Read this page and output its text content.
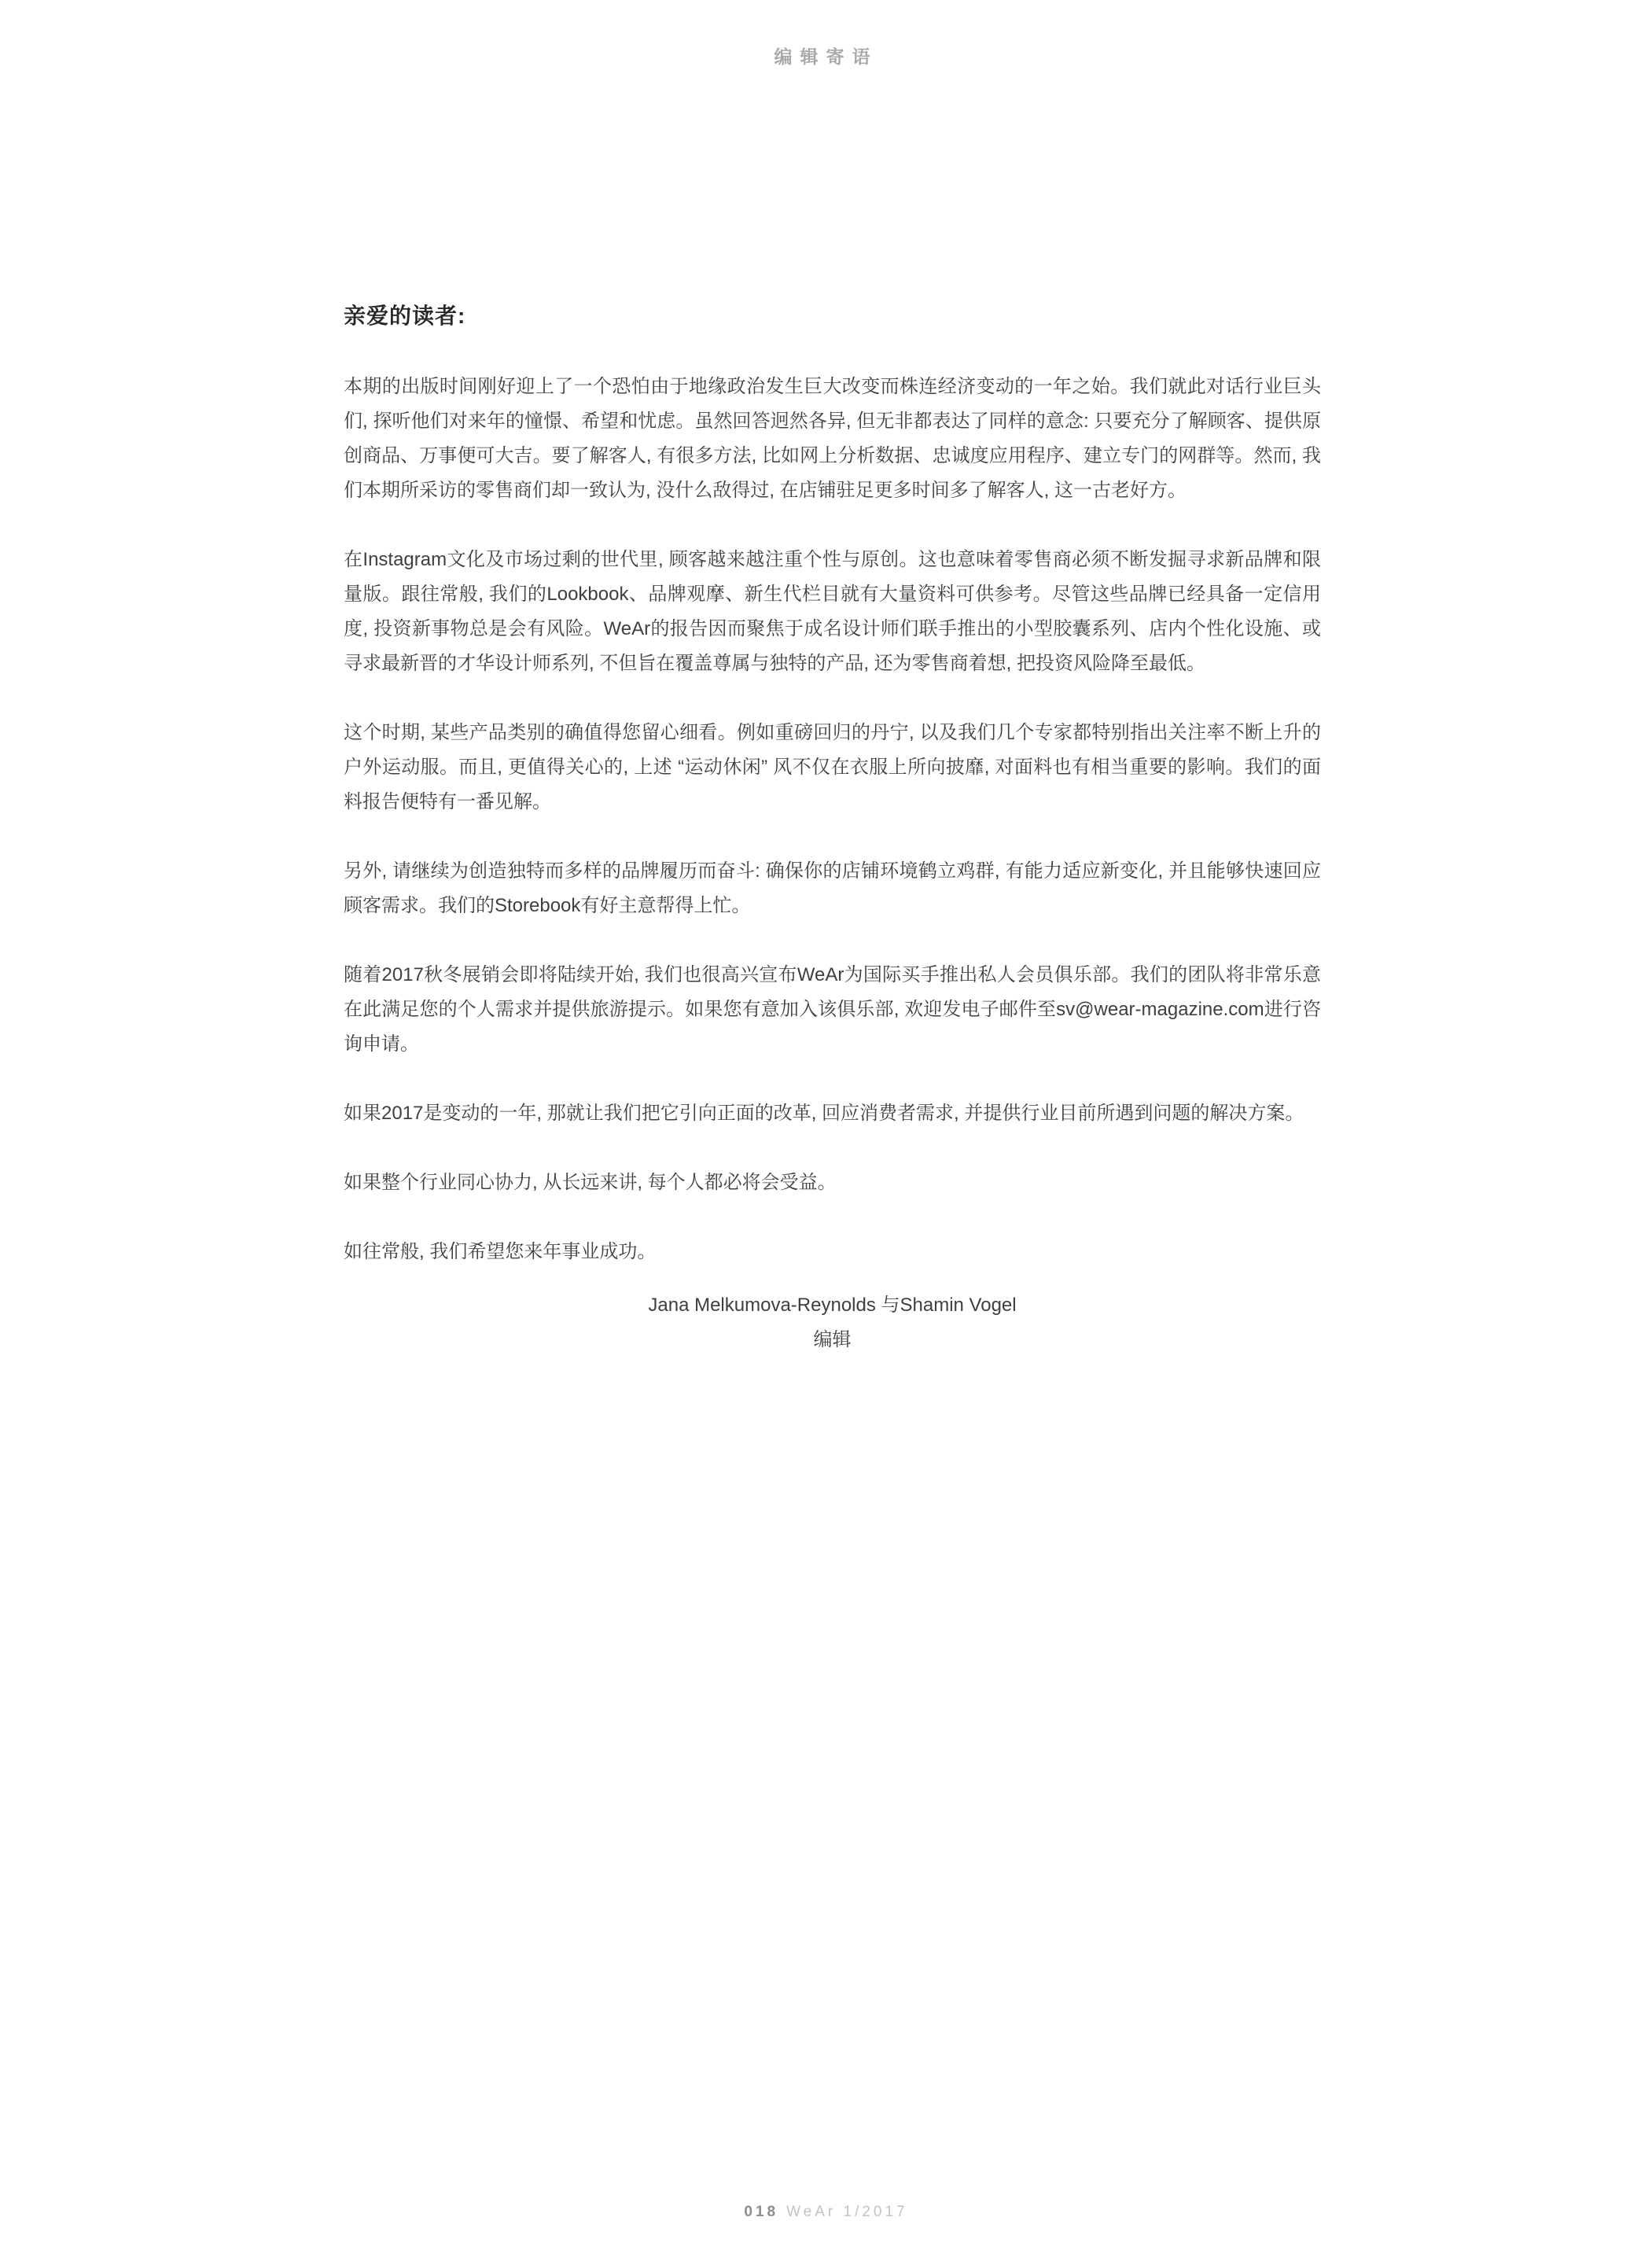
编辑寄语
亲爱的读者:

本期的出版时间刚好迎上了一个恐怕由于地缘政治发生巨大改变而株连经济变动的一年之始。我们就此对话行业巨头们, 探听他们对来年的憧憬、希望和忧虑。虽然回答迥然各异, 但无非都表达了同样的意念: 只要充分了解顾客、提供原创商品、万事便可大吉。要了解客人, 有很多方法, 比如网上分析数据、忠诚度应用程序、建立专门的网群等。然而, 我们本期所采访的零售商们却一致认为, 没什么敌得过, 在店铺驻足更多时间多了解客人, 这一古老好方。

在Instagram文化及市场过剩的世代里, 顾客越来越注重个性与原创。这也意味着零售商必须不断发掘寻求新品牌和限量版。跟往常般, 我们的Lookbook、品牌观摩、新生代栏目就有大量资料可供参考。尽管这些品牌已经具备一定信用度, 投资新事物总是会有风险。WeAr的报告因而聚焦于成名设计师们联手推出的小型胶囊系列、店内个性化设施、或寻求最新晋的才华设计师系列, 不但旨在覆盖尊属与独特的产品, 还为零售商着想, 把投资风险降至最低。

这个时期, 某些产品类别的确值得您留心细看。例如重磅回归的丹宁, 以及我们几个专家都特别指出关注率不断上升的户外运动服。而且, 更值得关心的, 上述 “运动休闲” 风不仅在衣服上所向披靡, 对面料也有相当重要的影响。我们的面料报告便特有一番见解。

另外, 请继续为创造独特而多样的品牌履历而奋斗: 确保你的店铺环境鹤立鸡群, 有能力适应新变化, 并且能够快速回应顾客需求。我们的Storebook有好主意帮得上忙。

随着2017秋冬展销会即将陆续开始, 我们也很高兴宣布WeAr为国际买手推出私人会员俱乐部。我们的团队将非常乐意在此满足您的个人需求并提供旅游提示。如果您有意加入该俱乐部, 欢迎发电子邮件至sv@wear-magazine.com进行咨询申请。

如果2017是变动的一年, 那就让我们把它引向正面的改革, 回应消费者需求, 并提供行业目前所遇到问题的解决方案。

如果整个行业同心协力, 从长远来讲, 每个人都必将会受益。

如往常般, 我们希望您来年事业成功。

Jana Melkumova-Reynolds 与Shamin Vogel
编辑
018 WeAr 1/2017
